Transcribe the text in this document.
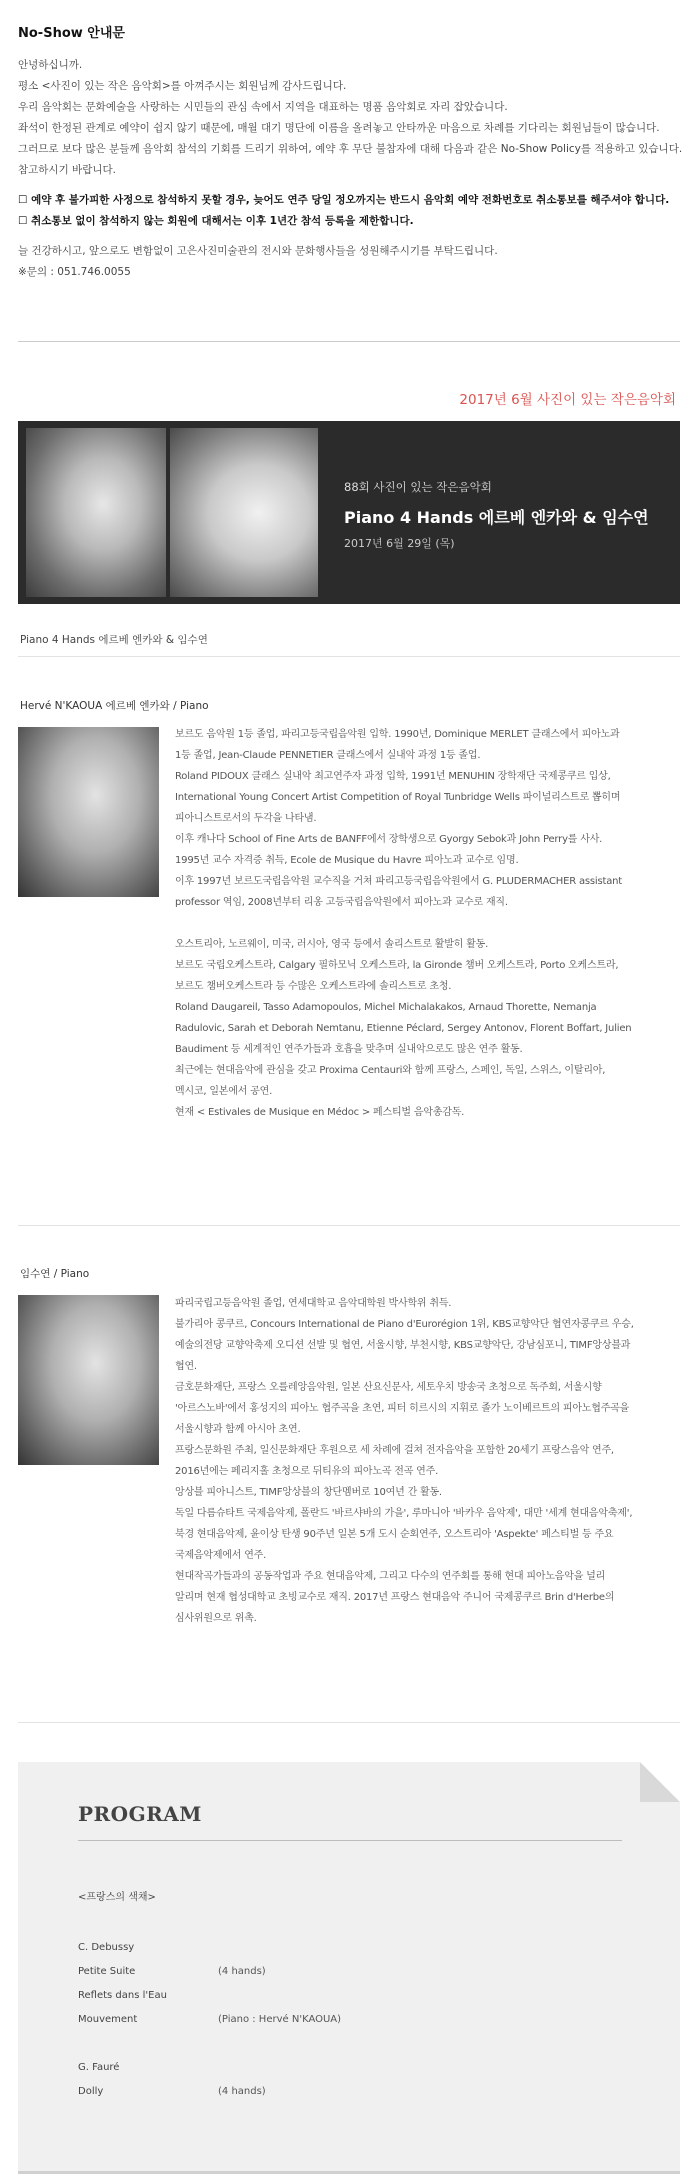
No-Show 안내문

안녕하십니까.

평소 <사진이 있는 작은 음악회>를 아껴주시는 회원님께 감사드립니다.

우리 음악회는 문화예술을 사랑하는 시민들의 관심 속에서 지역을 대표하는 명품 음악회로 자리 잡았습니다.

좌석이 한정된 관계로 예약이 쉽지 않기 때문에, 매월 대기 명단에 이름을 올려놓고 안타까운 마음으로 차례를 기다리는 회원님들이 많습니다.

그러므로 보다 많은 분들께 음악회 참석의 기회를 드리기 위하여, 예약 후 무단 불참자에 대해 다음과 같은 No-Show Policy를 적용하고 있습니다.

참고하시기 바랍니다.

☐ 예약 후 불가피한 사정으로 참석하지 못할 경우, 늦어도 연주 당일 정오까지는 반드시 음악회 예약 전화번호로 취소통보를 해주셔야 합니다.

☐ 취소통보 없이 참석하지 않는 회원에 대해서는 이후 1년간 참석 등록을 제한합니다.

늘 건강하시고, 앞으로도 변함없이 고은사진미술관의 전시와 문화행사들을 성원해주시기를 부탁드립니다.

※문의 : 051.746.0055

2017년 6월 사진이 있는 작은음악회
88회 사진이 있는 작은음악회
Piano 4 Hands 에르베 엔카와 & 임수연
2017년 6월 29일 (목)
Piano 4 Hands 에르베 엔카와 & 임수연
Hervé N'KAOUA 에르베 엔카와 / Piano
보르도 음악원 1등 졸업, 파리고등국립음악원 입학. 1990년, Dominique MERLET 클래스에서 피아노과
1등 졸업, Jean-Claude PENNETIER 클래스에서 실내악 과정 1등 졸업.
Roland PIDOUX 클래스 실내악 최고연주자 과정 입학, 1991년 MENUHIN 장학재단 국제콩쿠르 입상,
International Young Concert Artist Competition of Royal Tunbridge Wells 파이널리스트로 뽑히며
피아니스트로서의 두각을 나타냄.
이후 캐나다 School of Fine Arts de BANFF에서 장학생으로 Gyorgy Sebok과 John Perry를 사사.
1995년 교수 자격증 취득, Ecole de Musique du Havre 피아노과 교수로 임명.
이후 1997년 보르도국립음악원 교수직을 거쳐 파리고등국립음악원에서 G. PLUDERMACHER assistant
professor 역임, 2008년부터 리옹 고등국립음악원에서 피아노과 교수로 재직.
오스트리아, 노르웨이, 미국, 러시아, 영국 등에서 솔리스트로 활발히 활동.
보르도 국립오케스트라, Calgary 필하모닉 오케스트라, la Gironde 챔버 오케스트라, Porto 오케스트라,
보르도 챔버오케스트라 등 수많은 오케스트라에 솔리스트로 초청.
Roland Daugareil, Tasso Adamopoulos, Michel Michalakakos, Arnaud Thorette, Nemanja
Radulovic, Sarah et Deborah Nemtanu, Etienne Péclard, Sergey Antonov, Florent Boffart, Julien
Baudiment 등 세계적인 연주가들과 호흡을 맞추며 실내악으로도 많은 연주 활동.
최근에는 현대음악에 관심을 갖고 Proxima Centauri와 함께 프랑스, 스페인, 독일, 스위스, 이탈리아,
멕시코, 일본에서 공연.
현재 < Estivales de Musique en Médoc > 페스티벌 음악총감독.
임수연 / Piano
파리국립고등음악원 졸업, 연세대학교 음악대학원 박사학위 취득.
불가리아 콩쿠르, Concours International de Piano d'Eurorégion 1위, KBS교향악단 협연자콩쿠르 우승,
예술의전당 교향악축제 오디션 선발 및 협연, 서울시향, 부천시향, KBS교향악단, 강남심포니, TIMF앙상블과
협연.
금호문화재단, 프랑스 오를레앙음악원, 일본 산요신문사, 세토우치 방송국 초청으로 독주회, 서울시향
'아르스노바'에서 홍성지의 피아노 협주곡을 초연, 피터 히르시의 지휘로 졸가 노이베르트의 피아노협주곡을
서울시향과 함께 아시아 초연.
프랑스문화원 주최, 일신문화재단 후원으로 세 차례에 걸쳐 전자음악을 포함한 20세기 프랑스음악 연주,
2016년에는 페리지홀 초청으로 뒤티유의 피아노곡 전곡 연주.
앙상블 피아니스트, TIMF앙상블의 창단멤버로 10여년 간 활동.
독일 다름슈타트 국제음악제, 폴란드 '바르샤바의 가을', 루마니아 '바카우 음악제', 대만 '세계 현대음악축제',
북경 현대음악제, 윤이상 탄생 90주년 일본 5개 도시 순회연주, 오스트리아 'Aspekte' 페스티벌 등 주요
국제음악제에서 연주.
현대작곡가들과의 공동작업과 주요 현대음악제, 그리고 다수의 연주회를 통해 현대 피아노음악을 널리
알리며 현재 협성대학교 초빙교수로 재직. 2017년 프랑스 현대음악 주니어 국제콩쿠르 Brin d'Herbe의
심사위원으로 위촉.
PROGRAM
<프랑스의 색채>
C. Debussy
Petite Suite	(4 hands)
Reflets dans l'Eau
Mouvement	(Piano : Hervé N'KAOUA)
G. Fauré
Dolly	(4 hands)
